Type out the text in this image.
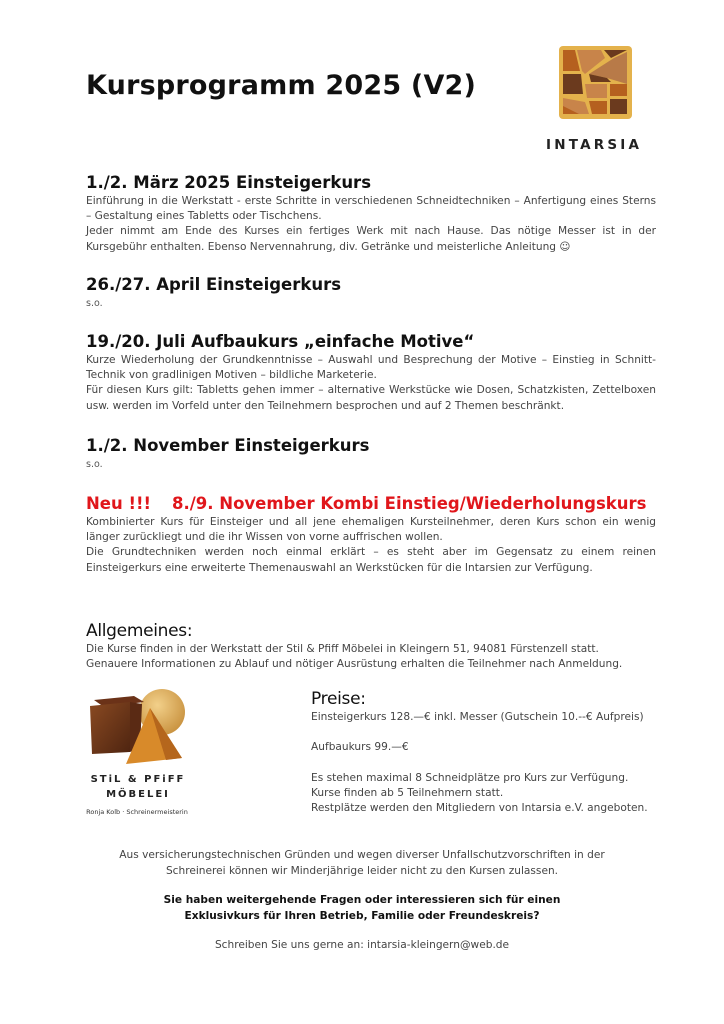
Kursprogramm 2025 (V2)
INTARSIA
1./2. März 2025 Einsteigerkurs

Einführung in die Werkstatt - erste Schritte in verschiedenen Schneidtechniken – Anfertigung eines Sterns – Gestaltung eines Tabletts oder Tischchens.

Jeder nimmt am Ende des Kurses ein fertiges Werk mit nach Hause. Das nötige Messer ist in der Kursgebühr enthalten. Ebenso Nervennahrung, div. Getränke und meisterliche Anleitung ☺

26./27. April Einsteigerkurs

s.o.

19./20. Juli Aufbaukurs „einfache Motive“

Kurze Wiederholung der Grundkenntnisse – Auswahl und Besprechung der Motive – Einstieg in Schnitt-Technik von gradlinigen Motiven – bildliche Marketerie.

Für diesen Kurs gilt: Tabletts gehen immer – alternative Werkstücke wie Dosen, Schatzkisten, Zettelboxen usw. werden im Vorfeld unter den Teilnehmern besprochen und auf 2 Themen beschränkt.

1./2. November Einsteigerkurs

s.o.

Neu !!! 8./9. November Kombi Einstieg/Wiederholungskurs

Kombinierter Kurs für Einsteiger und all jene ehemaligen Kursteilnehmer, deren Kurs schon ein wenig länger zurückliegt und die ihr Wissen von vorne auffrischen wollen.

Die Grundtechniken werden noch einmal erklärt – es steht aber im Gegensatz zu einem reinen Einsteigerkurs eine erweiterte Themenauswahl an Werkstücken für die Intarsien zur Verfügung.

Allgemeines:

Die Kurse finden in der Werkstatt der Stil & Pfiff Möbelei in Kleingern 51, 94081 Fürstenzell statt.

Genauere Informationen zu Ablauf und nötiger Ausrüstung erhalten die Teilnehmer nach Anmeldung.

STiL & PFiFF
MÖBELEI
Ronja Kolb · Schreinermeisterin
Preise:

Einsteigerkurs 128.—€ inkl. Messer (Gutschein 10.--€ Aufpreis)

Aufbaukurs 99.—€

Es stehen maximal 8 Schneidplätze pro Kurs zur Verfügung.

Kurse finden ab 5 Teilnehmern statt.

Restplätze werden den Mitgliedern von Intarsia e.V. angeboten.

Aus versicherungstechnischen Gründen und wegen diverser Unfallschutzvorschriften in der
Schreinerei können wir Minderjährige leider nicht zu den Kursen zulassen.
Sie haben weitergehende Fragen oder interessieren sich für einen
Exklusivkurs für Ihren Betrieb, Familie oder Freundeskreis?
Schreiben Sie uns gerne an: intarsia-kleingern@web.de
